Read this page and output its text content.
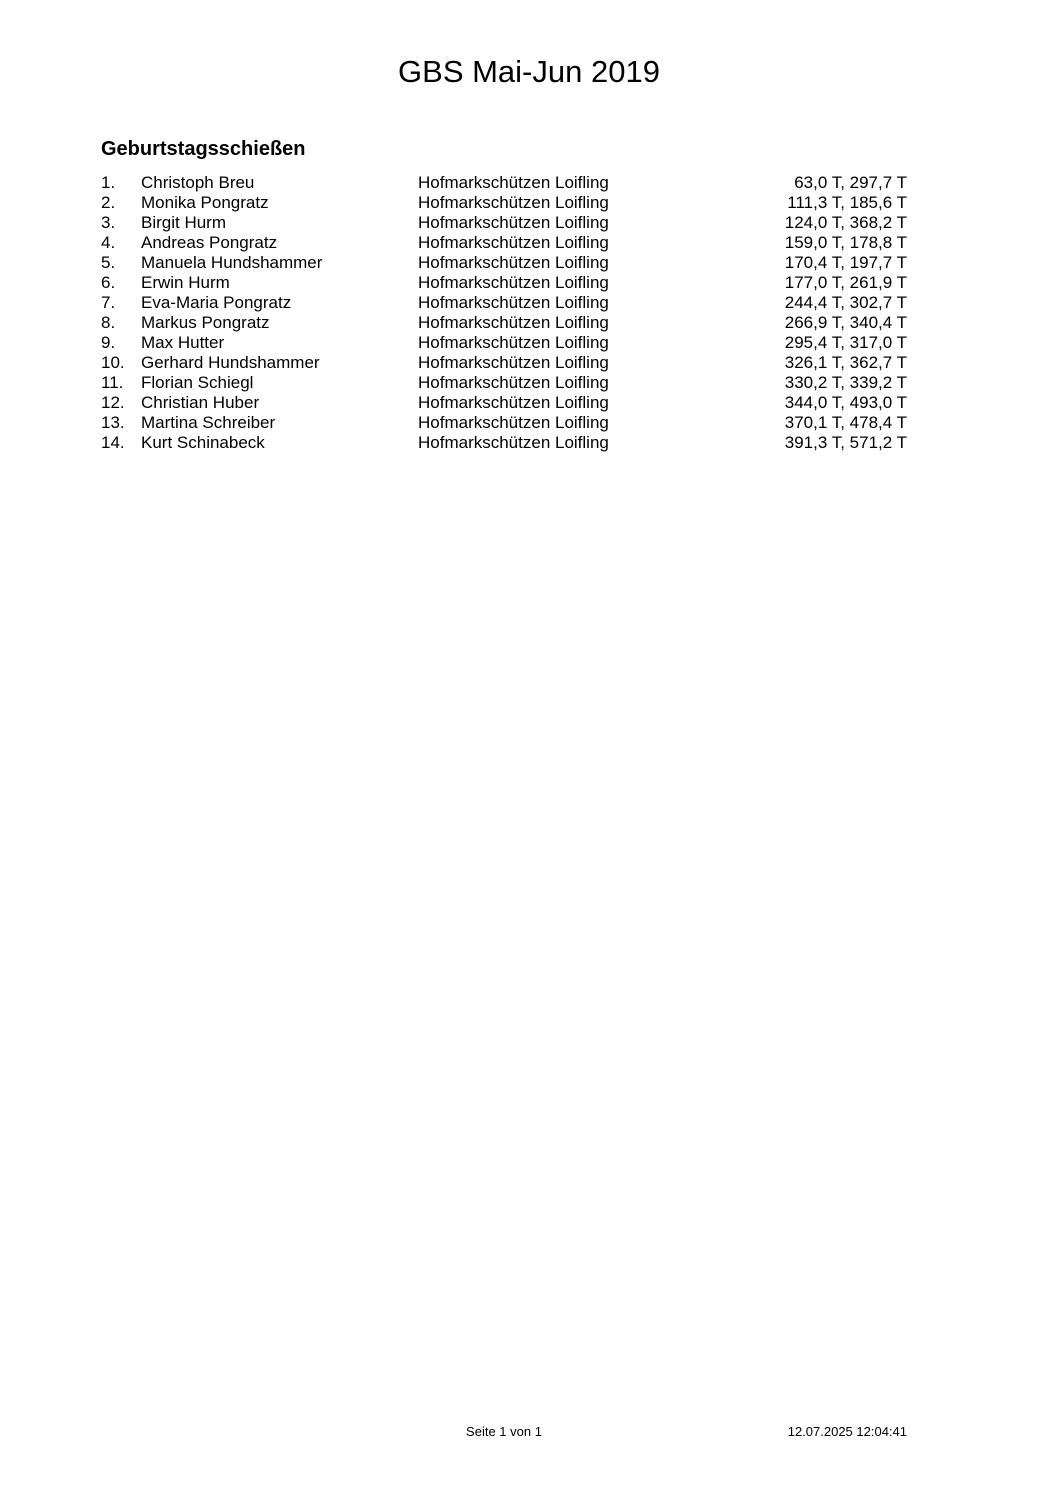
GBS Mai-Jun 2019
Geburtstagsschießen
1. Christoph Breu	Hofmarkschützen Loifling	63,0 T, 297,7 T
2. Monika Pongratz	Hofmarkschützen Loifling	111,3 T, 185,6 T
3. Birgit Hurm	Hofmarkschützen Loifling	124,0 T, 368,2 T
4. Andreas Pongratz	Hofmarkschützen Loifling	159,0 T, 178,8 T
5. Manuela Hundshammer	Hofmarkschützen Loifling	170,4 T, 197,7 T
6. Erwin Hurm	Hofmarkschützen Loifling	177,0 T, 261,9 T
7. Eva-Maria Pongratz	Hofmarkschützen Loifling	244,4 T, 302,7 T
8. Markus Pongratz	Hofmarkschützen Loifling	266,9 T, 340,4 T
9. Max Hutter	Hofmarkschützen Loifling	295,4 T, 317,0 T
10. Gerhard Hundshammer	Hofmarkschützen Loifling	326,1 T, 362,7 T
11. Florian Schiegl	Hofmarkschützen Loifling	330,2 T, 339,2 T
12. Christian Huber	Hofmarkschützen Loifling	344,0 T, 493,0 T
13. Martina Schreiber	Hofmarkschützen Loifling	370,1 T, 478,4 T
14. Kurt Schinabeck	Hofmarkschützen Loifling	391,3 T, 571,2 T
Seite 1 von 1	12.07.2025 12:04:41
